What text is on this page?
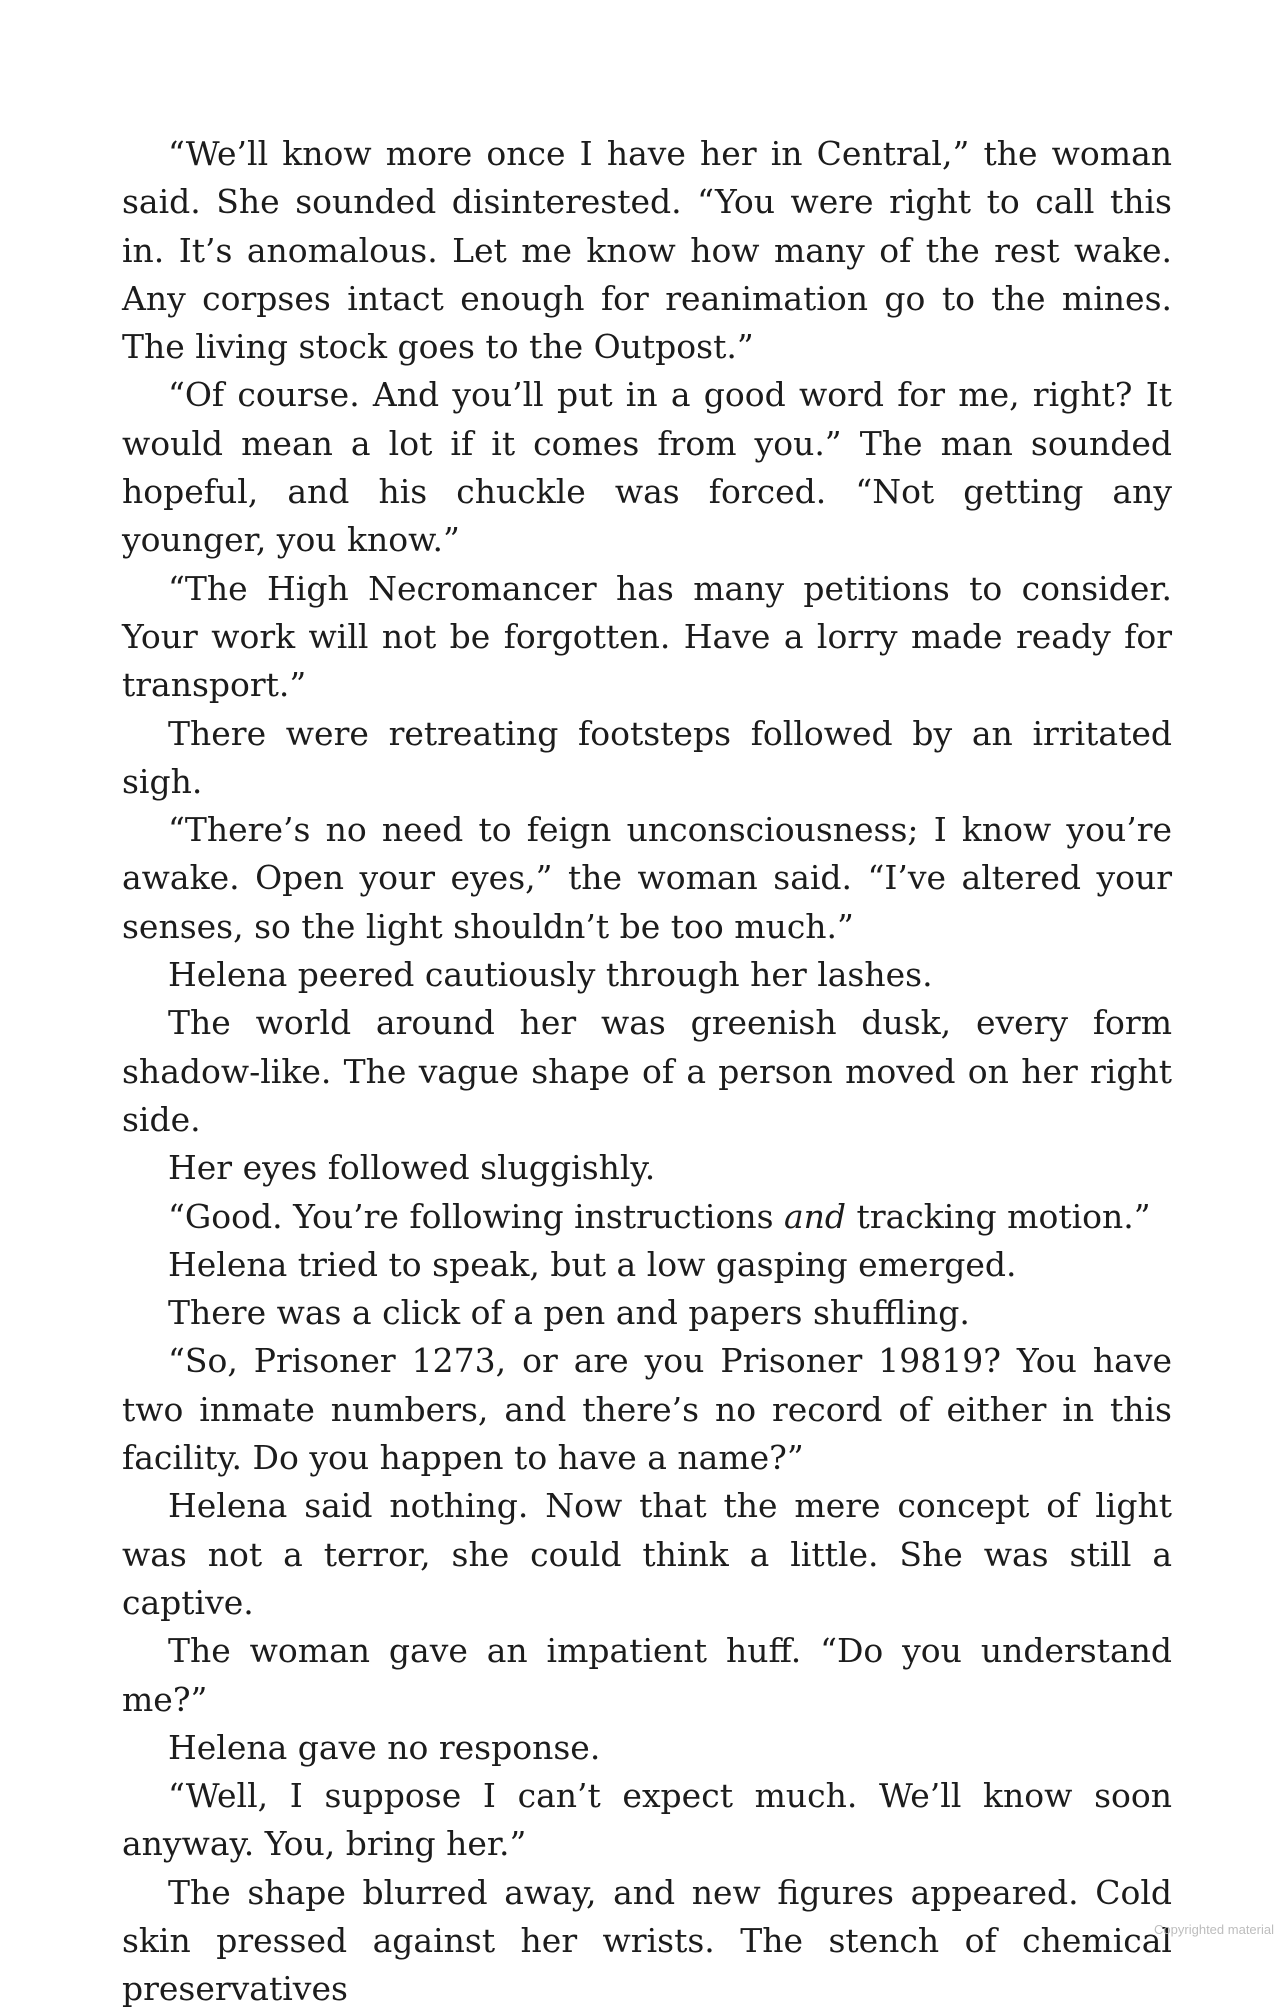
“We’ll know more once I have her in Central,” the woman said. She sounded disinterested. “You were right to call this in. It’s anomalous. Let me know how many of the rest wake. Any corpses intact enough for reanimation go to the mines. The living stock goes to the Outpost.”

“Of course. And you’ll put in a good word for me, right? It would mean a lot if it comes from you.” The man sounded hopeful, and his chuckle was forced. “Not getting any younger, you know.”

“The High Necromancer has many petitions to consider. Your work will not be forgotten. Have a lorry made ready for transport.”

There were retreating footsteps followed by an irritated sigh.

“There’s no need to feign unconsciousness; I know you’re awake. Open your eyes,” the woman said. “I’ve altered your senses, so the light shouldn’t be too much.”

Helena peered cautiously through her lashes.

The world around her was greenish dusk, every form shadow-like. The vague shape of a person moved on her right side.

Her eyes followed sluggishly.

“Good. You’re following instructions and tracking motion.”

Helena tried to speak, but a low gasping emerged.

There was a click of a pen and papers shuffling.

“So, Prisoner 1273, or are you Prisoner 19819? You have two inmate numbers, and there’s no record of either in this facility. Do you happen to have a name?”

Helena said nothing. Now that the mere concept of light was not a terror, she could think a little. She was still a captive.

The woman gave an impatient huff. “Do you understand me?”

Helena gave no response.

“Well, I suppose I can’t expect much. We’ll know soon anyway. You, bring her.”

The shape blurred away, and new figures appeared. Cold skin pressed against her wrists. The stench of chemical preservatives

Copyrighted material
